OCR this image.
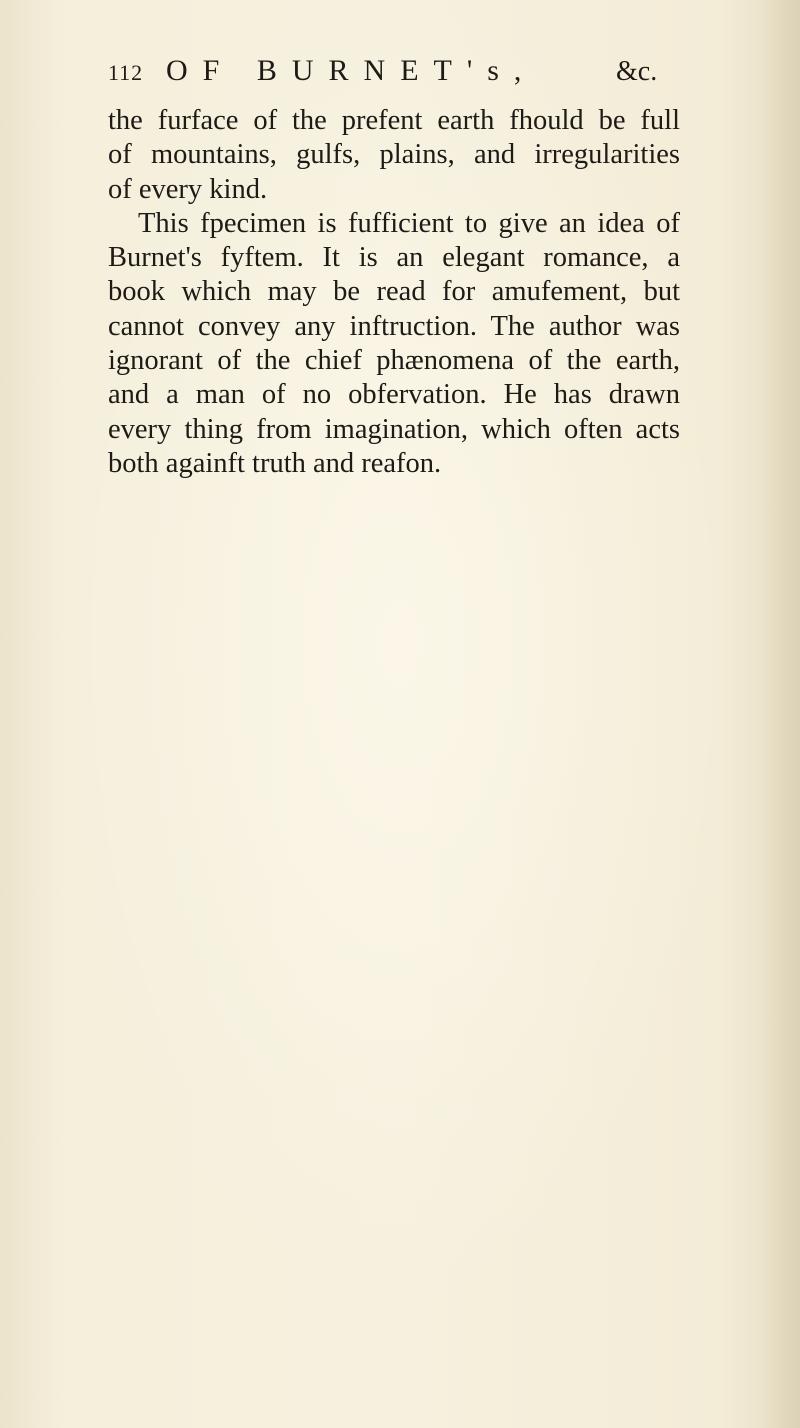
112 OF BURNET's,	&c.
the furface of the prefent earth fhould be full
of mountains, gulfs, plains, and irregularities
of every kind.
This fpecimen is fufficient to give an idea of
Burnet's fyftem. It is an elegant romance, a
book which may be read for amufement, but
cannot convey any inftruction. The author was
ignorant of the chief phænomena of the earth,
and a man of no obfervation. He has drawn
every thing from imagination, which often acts
both againft truth and reafon.
